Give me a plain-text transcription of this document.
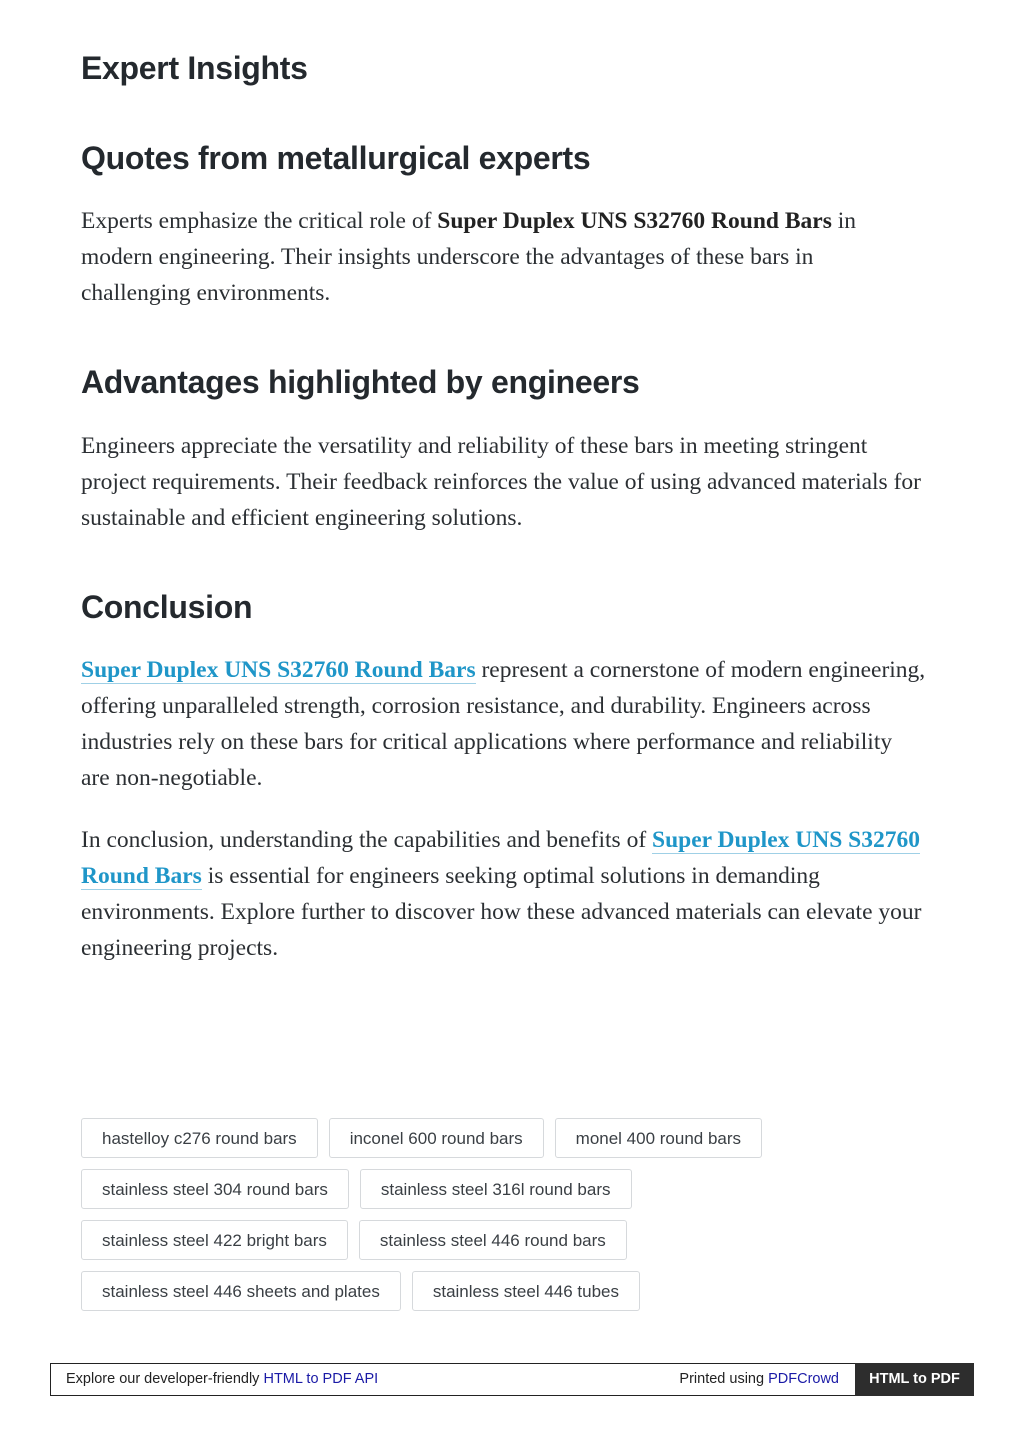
Expert Insights
Quotes from metallurgical experts

Experts emphasize the critical role of Super Duplex UNS S32760 Round Bars in modern engineering. Their insights underscore the advantages of these bars in challenging environments.

Advantages highlighted by engineers

Engineers appreciate the versatility and reliability of these bars in meeting stringent project requirements. Their feedback reinforces the value of using advanced materials for sustainable and efficient engineering solutions.

Conclusion

Super Duplex UNS S32760 Round Bars represent a cornerstone of modern engineering, offering unparalleled strength, corrosion resistance, and durability. Engineers across industries rely on these bars for critical applications where performance and reliability are non-negotiable.

In conclusion, understanding the capabilities and benefits of Super Duplex UNS S32760 Round Bars is essential for engineers seeking optimal solutions in demanding environments. Explore further to discover how these advanced materials can elevate your engineering projects.

hastelloy c276 round bars	inconel 600 round bars	monel 400 round bars
stainless steel 304 round bars	stainless steel 316l round bars
stainless steel 422 bright bars	stainless steel 446 round bars
stainless steel 446 sheets and plates	stainless steel 446 tubes
Explore our developer-friendly HTML to PDF API	Printed using PDFCrowd	HTML to PDF
